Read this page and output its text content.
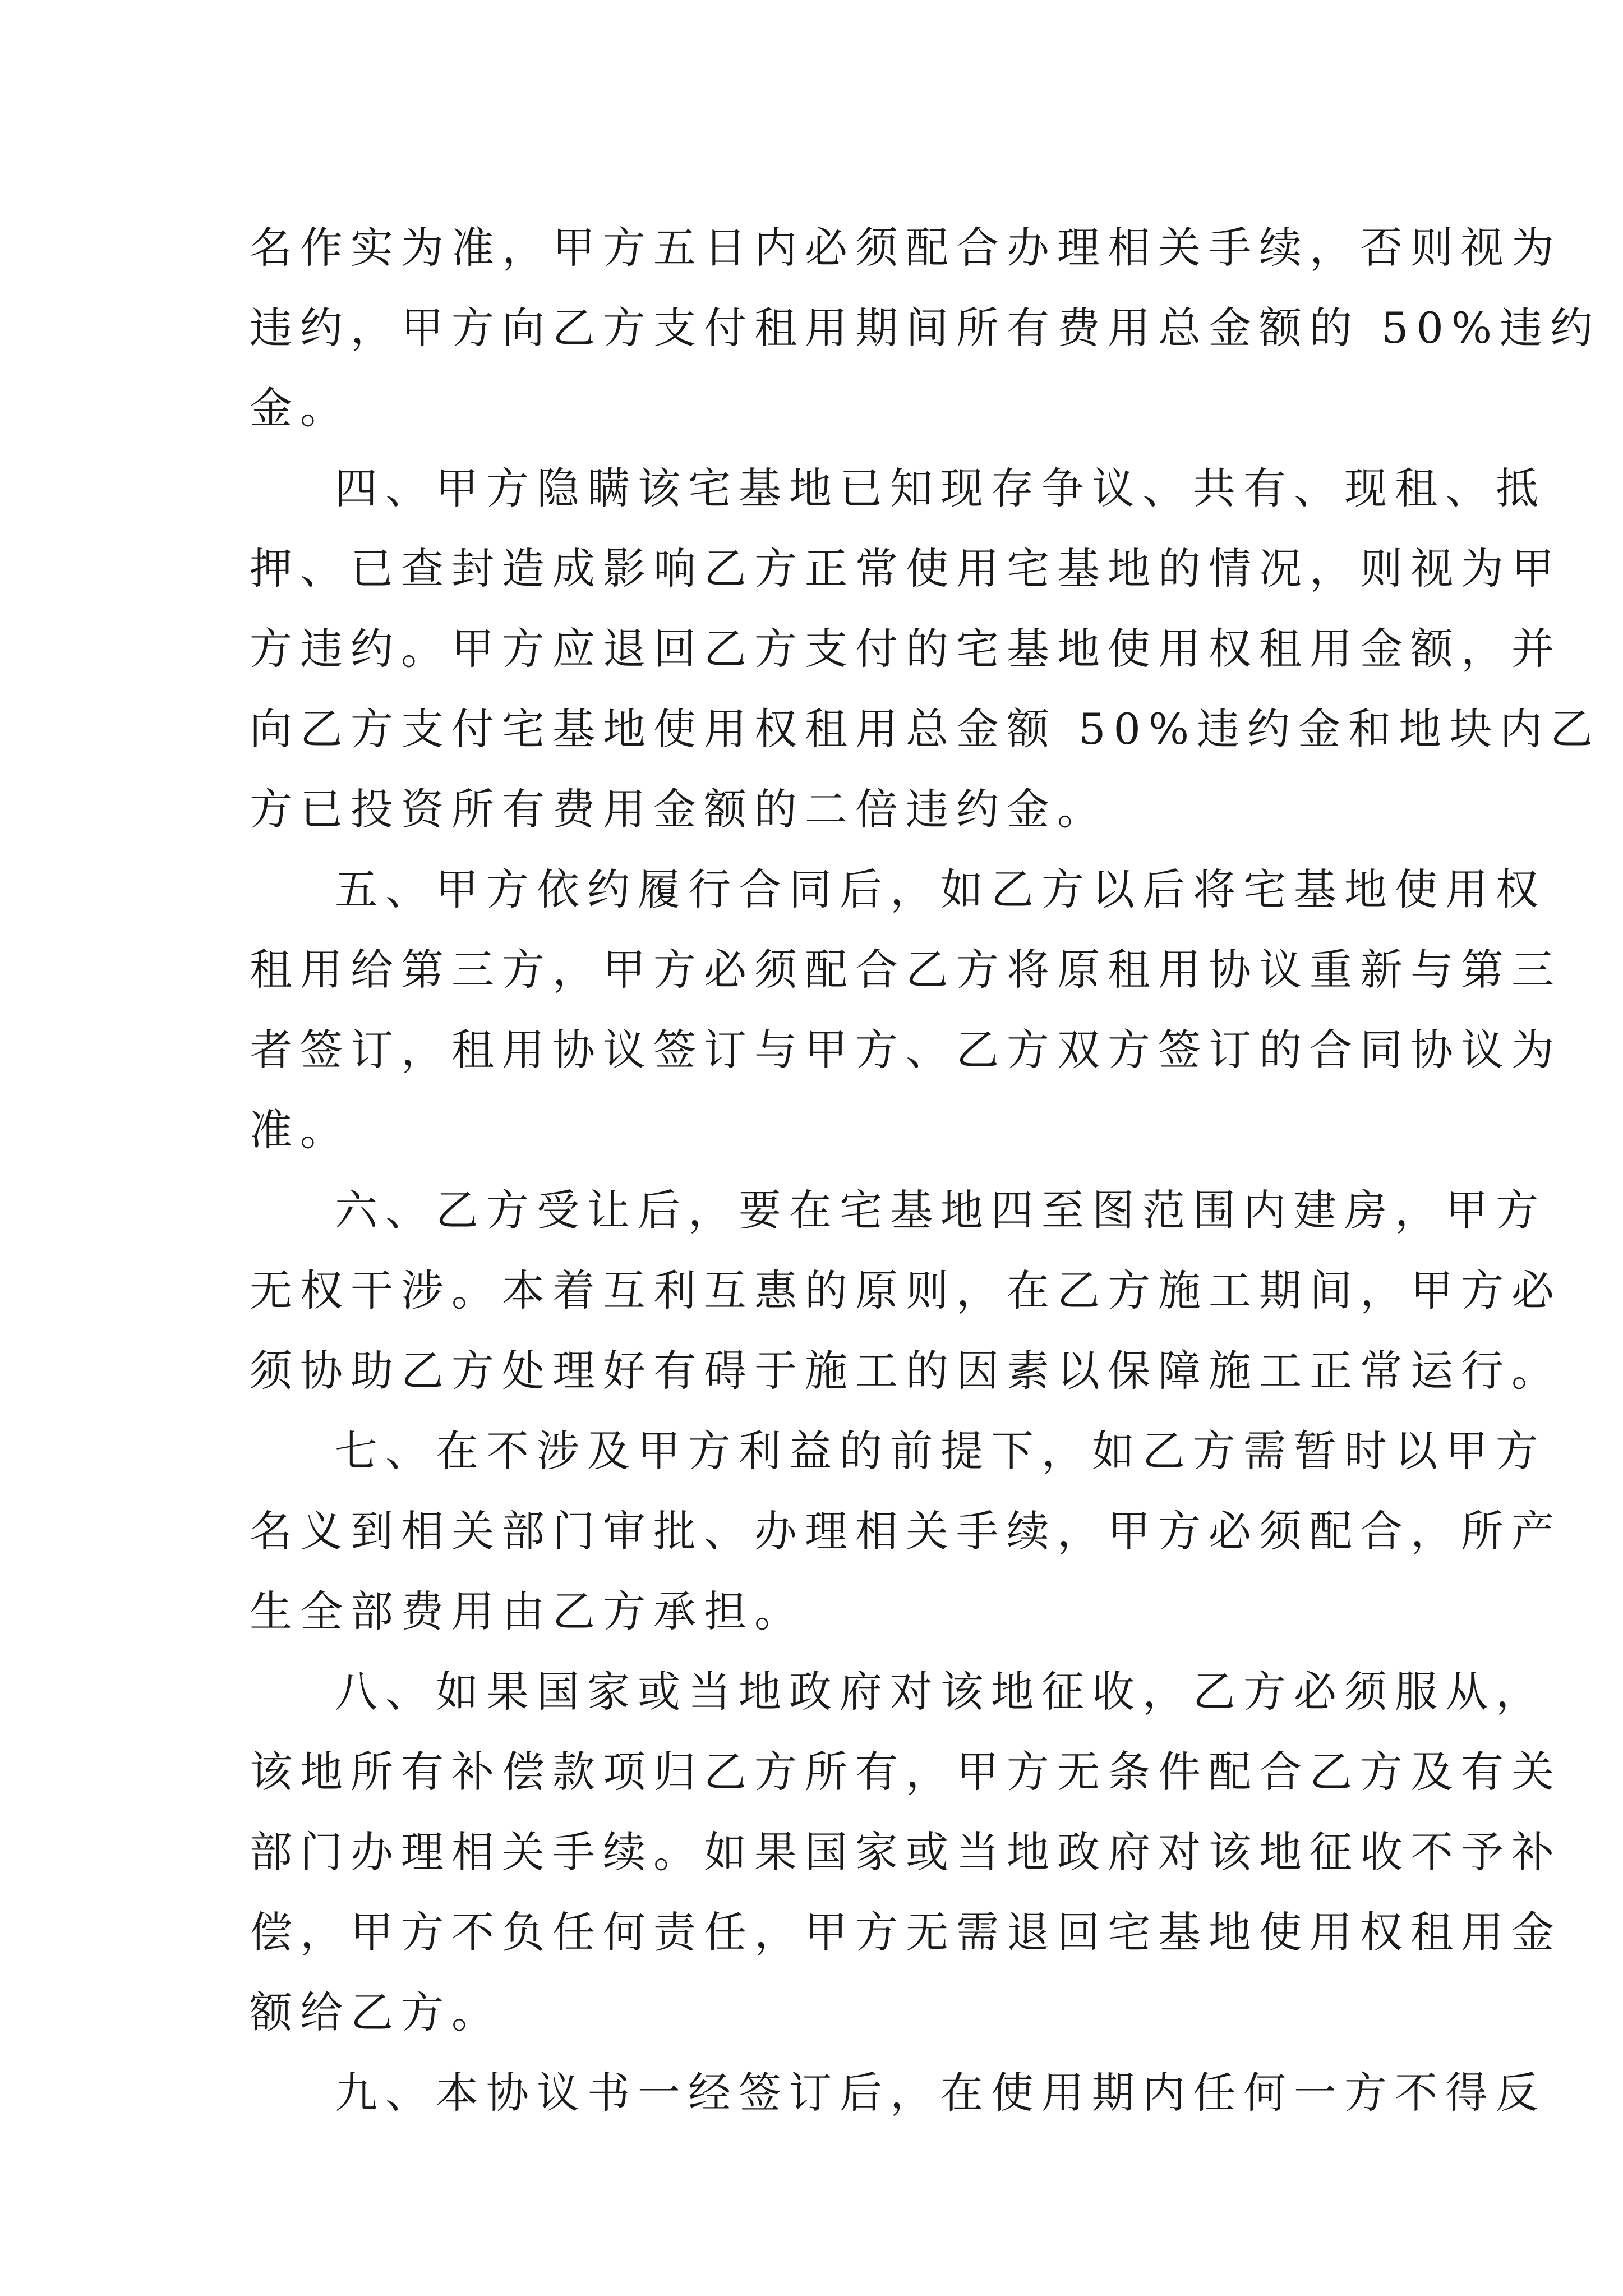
名作实为准，甲方五日内必须配合办理相关手续，否则视为
违约，甲方向乙方支付租用期间所有费用总金额的 50%违约
金。
四、甲方隐瞒该宅基地已知现存争议、共有、现租、抵
押、已查封造成影响乙方正常使用宅基地的情况，则视为甲
方违约。甲方应退回乙方支付的宅基地使用权租用金额，并
向乙方支付宅基地使用权租用总金额 50%违约金和地块内乙
方已投资所有费用金额的二倍违约金。
五、甲方依约履行合同后，如乙方以后将宅基地使用权
租用给第三方，甲方必须配合乙方将原租用协议重新与第三
者签订，租用协议签订与甲方、乙方双方签订的合同协议为
准。
六、乙方受让后，要在宅基地四至图范围内建房，甲方
无权干涉。本着互利互惠的原则，在乙方施工期间，甲方必
须协助乙方处理好有碍于施工的因素以保障施工正常运行。
七、在不涉及甲方利益的前提下，如乙方需暂时以甲方
名义到相关部门审批、办理相关手续，甲方必须配合，所产
生全部费用由乙方承担。
八、如果国家或当地政府对该地征收，乙方必须服从，
该地所有补偿款项归乙方所有，甲方无条件配合乙方及有关
部门办理相关手续。如果国家或当地政府对该地征收不予补
偿，甲方不负任何责任，甲方无需退回宅基地使用权租用金
额给乙方。
九、本协议书一经签订后，在使用期内任何一方不得反
